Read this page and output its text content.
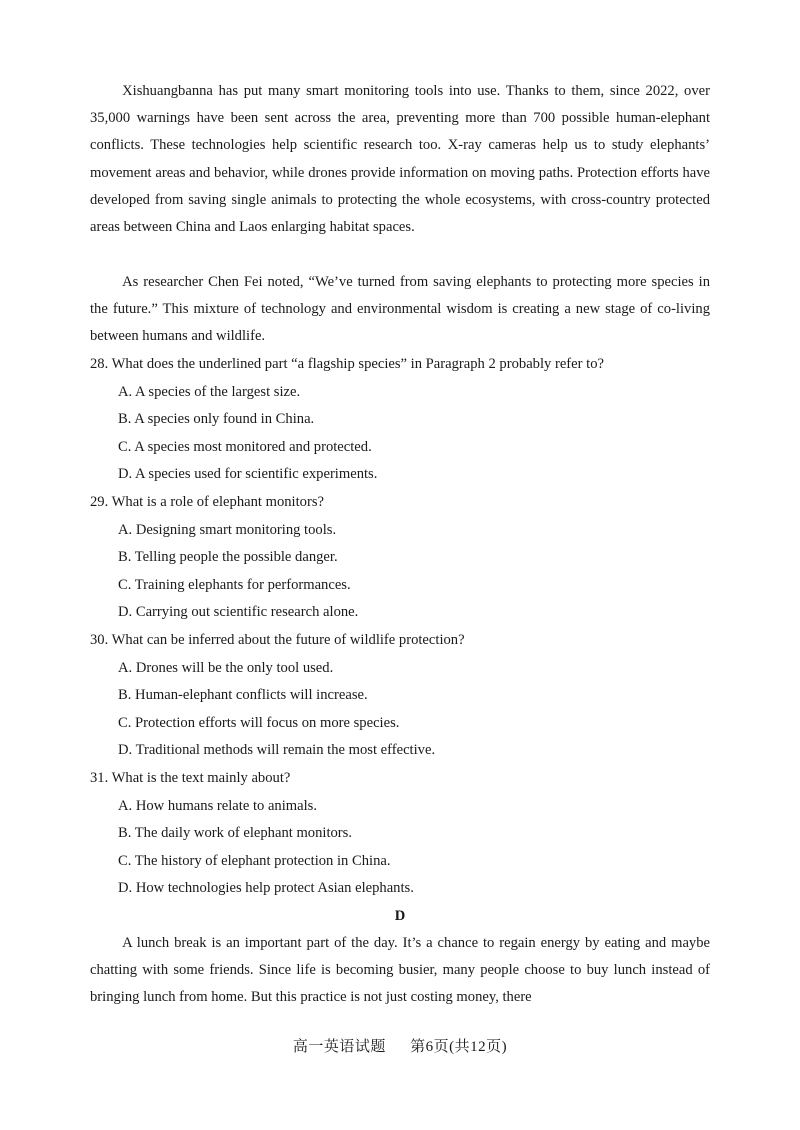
Xishuangbanna has put many smart monitoring tools into use. Thanks to them, since 2022, over 35,000 warnings have been sent across the area, preventing more than 700 possible human-elephant conflicts. These technologies help scientific research too. X-ray cameras help us to study elephants’ movement areas and behavior, while drones provide information on moving paths. Protection efforts have developed from saving single animals to protecting the whole ecosystems, with cross-country protected areas between China and Laos enlarging habitat spaces.

As researcher Chen Fei noted, “We’ve turned from saving elephants to protecting more species in the future.” This mixture of technology and environmental wisdom is creating a new stage of co-living between humans and wildlife.

28. What does the underlined part “a flagship species” in Paragraph 2 probably refer to?

A. A species of the largest size.

B. A species only found in China.

C. A species most monitored and protected.

D. A species used for scientific experiments.

29. What is a role of elephant monitors?

A. Designing smart monitoring tools.

B. Telling people the possible danger.

C. Training elephants for performances.

D. Carrying out scientific research alone.

30. What can be inferred about the future of wildlife protection?

A. Drones will be the only tool used.

B. Human-elephant conflicts will increase.

C. Protection efforts will focus on more species.

D. Traditional methods will remain the most effective.

31. What is the text mainly about?

A. How humans relate to animals.

B. The daily work of elephant monitors.

C. The history of elephant protection in China.

D. How technologies help protect Asian elephants.

D

A lunch break is an important part of the day. It’s a chance to regain energy by eating and maybe chatting with some friends. Since life is becoming busier, many people choose to buy lunch instead of bringing lunch from home. But this practice is not just costing money, there

高一英语试题 第6页(共12页)
